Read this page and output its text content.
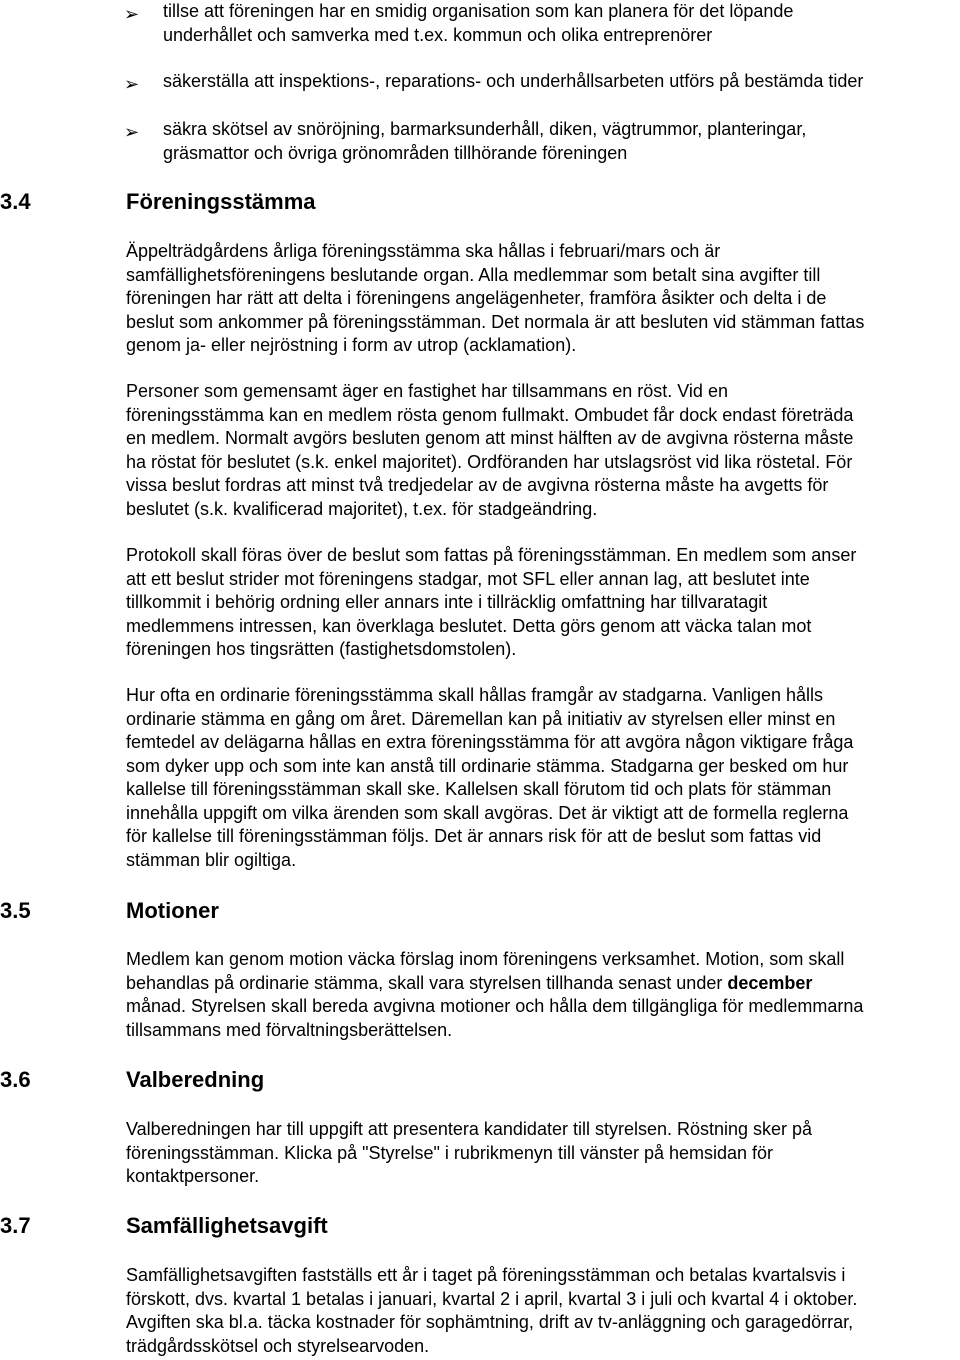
➢	tillse att föreningen har en smidig organisation som kan planera för det löpande
underhållet och samverka med t.ex. kommun och olika entreprenörer
➢	säkerställa att inspektions-, reparations- och underhållsarbeten utförs på bestämda tider
➢	säkra skötsel av snöröjning, barmarksunderhåll, diken, vägtrummor, planteringar,
gräsmattor och övriga grönområden tillhörande föreningen
3.4	Föreningsstämma
Äppelträdgårdens årliga föreningsstämma ska hållas i februari/mars och är
samfällighetsföreningens beslutande organ. Alla medlemmar som betalt sina avgifter till
föreningen har rätt att delta i föreningens angelägenheter, framföra åsikter och delta i de
beslut som ankommer på föreningsstämman. Det normala är att besluten vid stämman fattas
genom ja- eller nejröstning i form av utrop (acklamation).
Personer som gemensamt äger en fastighet har tillsammans en röst. Vid en
föreningsstämma kan en medlem rösta genom fullmakt. Ombudet får dock endast företräda
en medlem. Normalt avgörs besluten genom att minst hälften av de avgivna rösterna måste
ha röstat för beslutet (s.k. enkel majoritet). Ordföranden har utslagsröst vid lika röstetal. För
vissa beslut fordras att minst två tredjedelar av de avgivna rösterna måste ha avgetts för
beslutet (s.k. kvalificerad majoritet), t.ex. för stadgeändring.
Protokoll skall föras över de beslut som fattas på föreningsstämman. En medlem som anser
att ett beslut strider mot föreningens stadgar, mot SFL eller annan lag, att beslutet inte
tillkommit i behörig ordning eller annars inte i tillräcklig omfattning har tillvaratagit
medlemmens intressen, kan överklaga beslutet. Detta görs genom att väcka talan mot
föreningen hos tingsrätten (fastighetsdomstolen).
Hur ofta en ordinarie föreningsstämma skall hållas framgår av stadgarna. Vanligen hålls
ordinarie stämma en gång om året. Däremellan kan på initiativ av styrelsen eller minst en
femtedel av delägarna hållas en extra föreningsstämma för att avgöra någon viktigare fråga
som dyker upp och som inte kan anstå till ordinarie stämma. Stadgarna ger besked om hur
kallelse till föreningsstämman skall ske. Kallelsen skall förutom tid och plats för stämman
innehålla uppgift om vilka ärenden som skall avgöras. Det är viktigt att de formella reglerna
för kallelse till föreningsstämman följs. Det är annars risk för att de beslut som fattas vid
stämman blir ogiltiga.
3.5	Motioner
Medlem kan genom motion väcka förslag inom föreningens verksamhet. Motion, som skall
behandlas på ordinarie stämma, skall vara styrelsen tillhanda senast under december
månad. Styrelsen skall bereda avgivna motioner och hålla dem tillgängliga för medlemmarna
tillsammans med förvaltningsberättelsen.
3.6	Valberedning
Valberedningen har till uppgift att presentera kandidater till styrelsen. Röstning sker på
föreningsstämman. Klicka på "Styrelse" i rubrikmenyn till vänster på hemsidan för
kontaktpersoner.
3.7	Samfällighetsavgift
Samfällighetsavgiften fastställs ett år i taget på föreningsstämman och betalas kvartalsvis i
förskott, dvs. kvartal 1 betalas i januari, kvartal 2 i april, kvartal 3 i juli och kvartal 4 i oktober.
Avgiften ska bl.a. täcka kostnader för sophämtning, drift av tv-anläggning och garagedörrar,
trädgårdsskötsel och styrelsearvoden.
